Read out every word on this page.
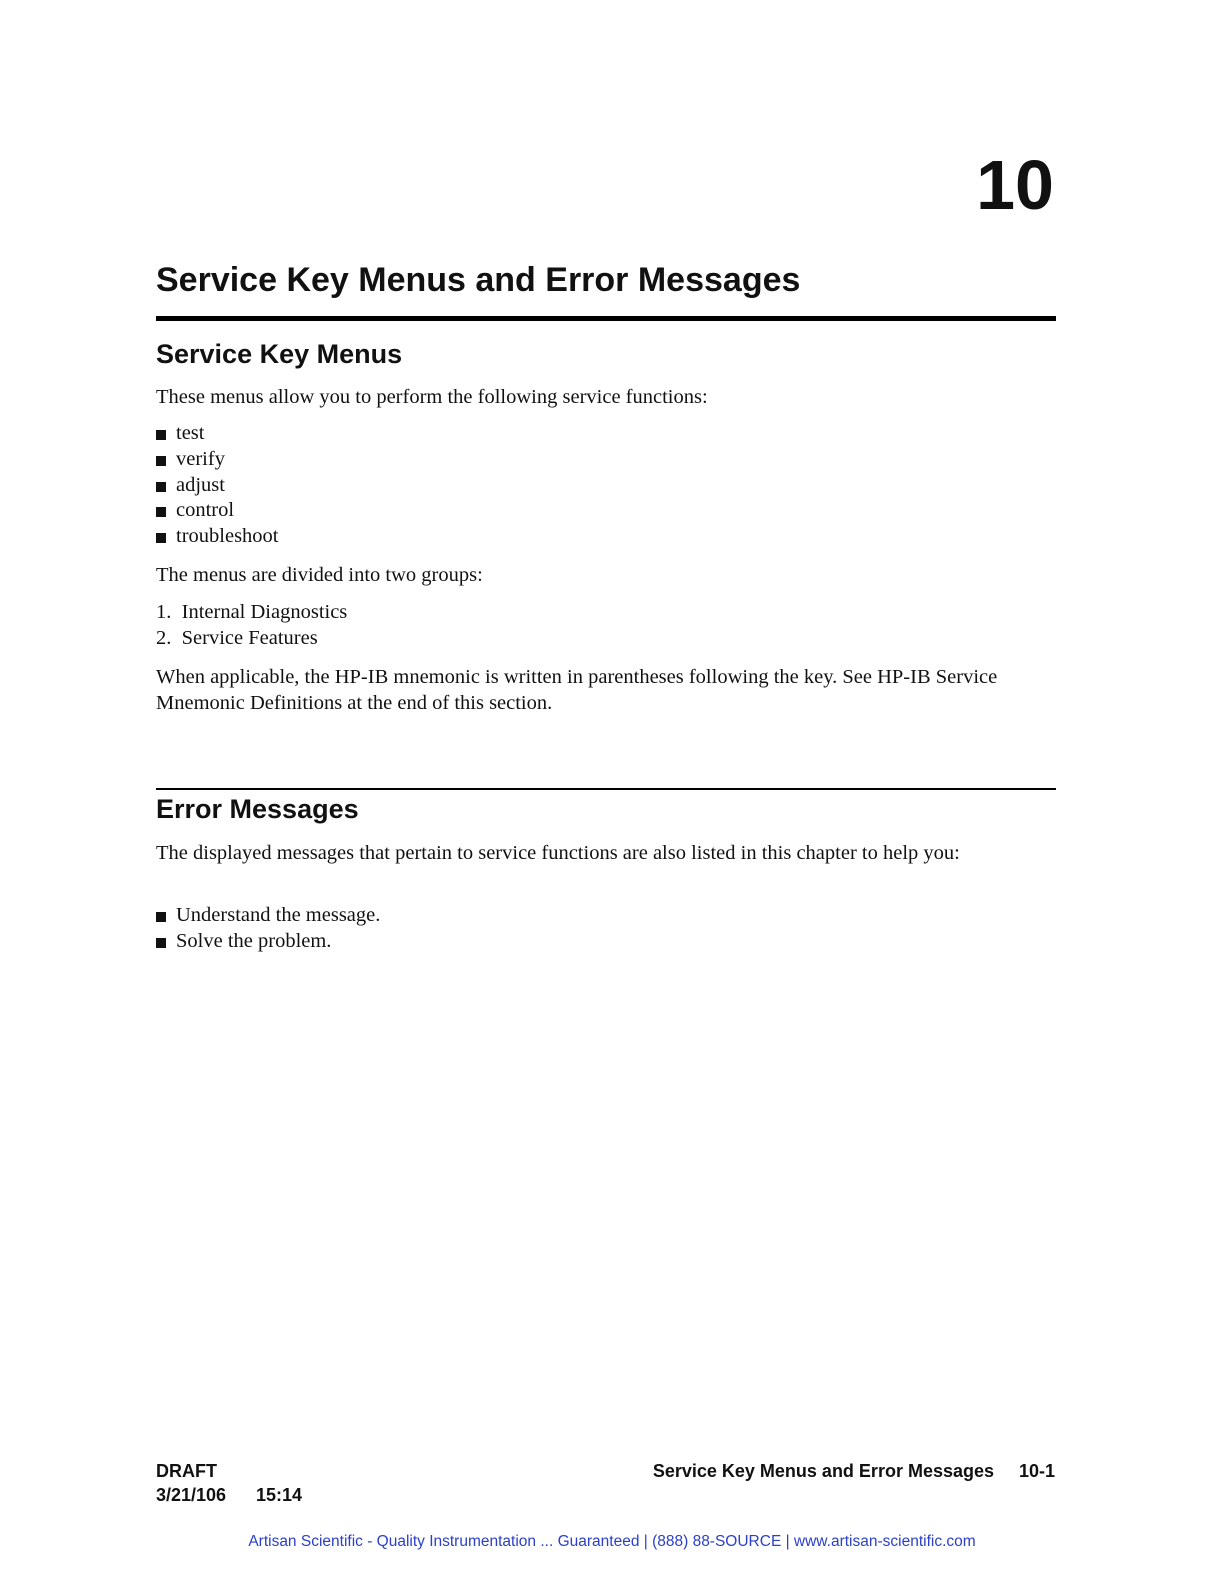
10
Service Key Menus and Error Messages
Service Key Menus
These menus allow you to perform the following service functions:
test
verify
adjust
control
troubleshoot
The menus are divided into two groups:
1.  Internal Diagnostics
2.  Service Features
When applicable, the HP-IB mnemonic is written in parentheses following the key. See HP-IB Service Mnemonic Definitions at the end of this section.
Error Messages
The displayed messages that pertain to service functions are also listed in this chapter to help you:
Understand the message.
Solve the problem.
DRAFT
3/21/106 15:14
Service Key Menus and Error Messages 10-1
Artisan Scientific - Quality Instrumentation ... Guaranteed | (888) 88-SOURCE | www.artisan-scientific.com
